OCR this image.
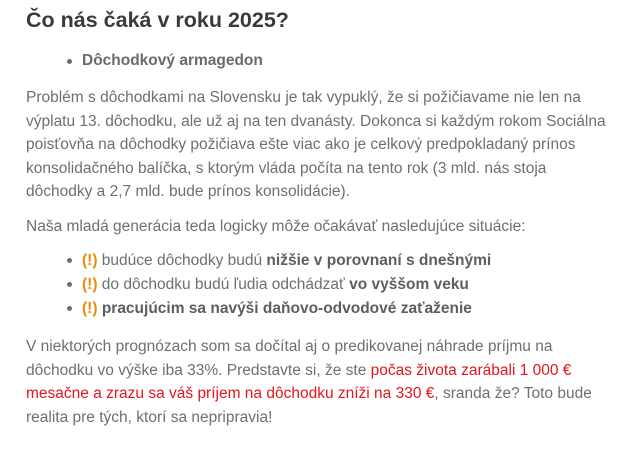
Čo nás čaká v roku 2025?
Dôchodkový armagedon

Problém s dôchodkami na Slovensku je tak vypuklý, že si požičiavame nie len na výplatu 13. dôchodku, ale už aj na ten dvanásty. Dokonca si každým rokom Sociálna poisťovňa na dôchodky požičiava ešte viac ako je celkový predpokladaný prínos konsolidačného balíčka, s ktorým vláda počíta na tento rok (3 mld. nás stoja dôchodky a 2,7 mld. bude prínos konsolidácie).

Naša mladá generácia teda logicky môže očakávať nasledujúce situácie:

(!) budúce dôchodky budú nižšie v porovnaní s dnešnými
(!) do dôchodku budú ľudia odchádzať vo vyššom veku
(!) pracujúcim sa navýši daňovo-odvodové zaťaženie

V niektorých prognózach som sa dočítal aj o predikovanej náhrade príjmu na dôchodku vo výške iba 33%. Predstavte si, že ste počas života zarábali 1 000 € mesačne a zrazu sa váš príjem na dôchodku zníži na 330 €, sranda že? Toto bude realita pre tých, ktorí sa nepripravia!
